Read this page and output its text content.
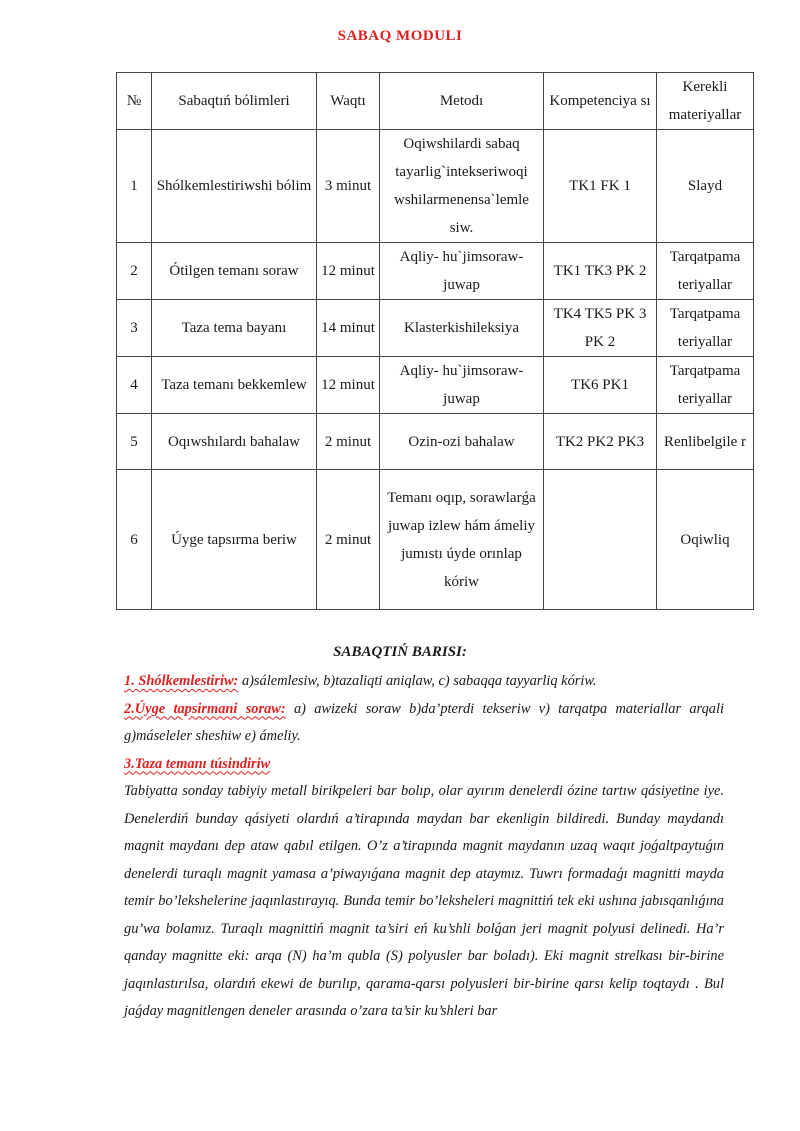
SABAQ MODULI
№	Sabaqtıń bólimleri	Waqtı	Metodı	Kompetenciya sı	Kerekli materiyallar
1	Shólkemlestiriwshi bólim	3 minut	Oqiwshilardi sabaq tayarlig`intekseriwoqi wshilarmenensa`lemle siw.	TK1 FK 1	Slayd
2	Ótilgen temanı soraw	12 minut	Aqliy- hu`jimsoraw- juwap	TK1 TK3 PK 2	Tarqatpama teriyallar
3	Taza tema bayanı	14 minut	Klasterkishileksiya	TK4 TK5 PK 3 PK 2	Tarqatpama teriyallar
4	Taza temanı bekkemlew	12 minut	Aqliy- hu`jimsoraw- juwap	TK6 PK1	Tarqatpama teriyallar
5	Oqıwshılardı bahalaw	2 minut	Ozin-ozi bahalaw	TK2 PK2 PK3	Renlibelgile r
6	Úyge tapsırma beriw	2 minut	Temanı oqıp, sorawlarǵa juwap izlew hám ámeliy jumıstı úyde orınlap kóriw		Oqiwliq
SABAQTIŃ BARISI:

1. Shólkemlestiriw: a)sálemlesiw, b)tazaliqti aniqlaw, c) sabaqqa tayyarliq kóriw.

2.Úyge tapsirmani soraw: a) awizeki soraw b)da’pterdi tekseriw v) tarqatpa materiallar arqali g)máseleler sheshiw e) ámeliy.

3.Taza temanı túsindiriw

Tabiyatta sonday tabiyiy metall birikpeleri bar bolıp, olar ayırım denelerdi ózine tartıw qásiyetine iye. Denelerdiń bunday qásiyeti olardıń a’tirapında maydan bar ekenligin bildiredi. Bunday maydandı magnit maydanı dep ataw qabıl etilgen. O’z a’tirapında magnit maydanın uzaq waqıt joǵaltpaytuǵın denelerdi turaqlı magnit yamasa a’piwayıǵana magnit dep ataymız. Tuwrı formadaǵı magnitti mayda temir bo’lekshelerine jaqınlastırayıq. Bunda temir bo’leksheleri magnittiń tek eki ushına jabısqanlıǵına gu’wa bolamız. Turaqlı magnittiń magnit ta’siri eń ku’shli bolǵan jeri magnit polyusi delinedi. Ha’r qanday magnitte eki: arqa (N) ha’m qubla (S) polyusler bar boladı). Eki magnit strelkası bir-birine jaqınlastırılsa, olardıń ekewi de burılıp, qarama-qarsı polyusleri bir-birine qarsı kelip toqtaydı . Bul jaǵday magnitlengen deneler arasında o’zara ta’sir ku’shleri bar
